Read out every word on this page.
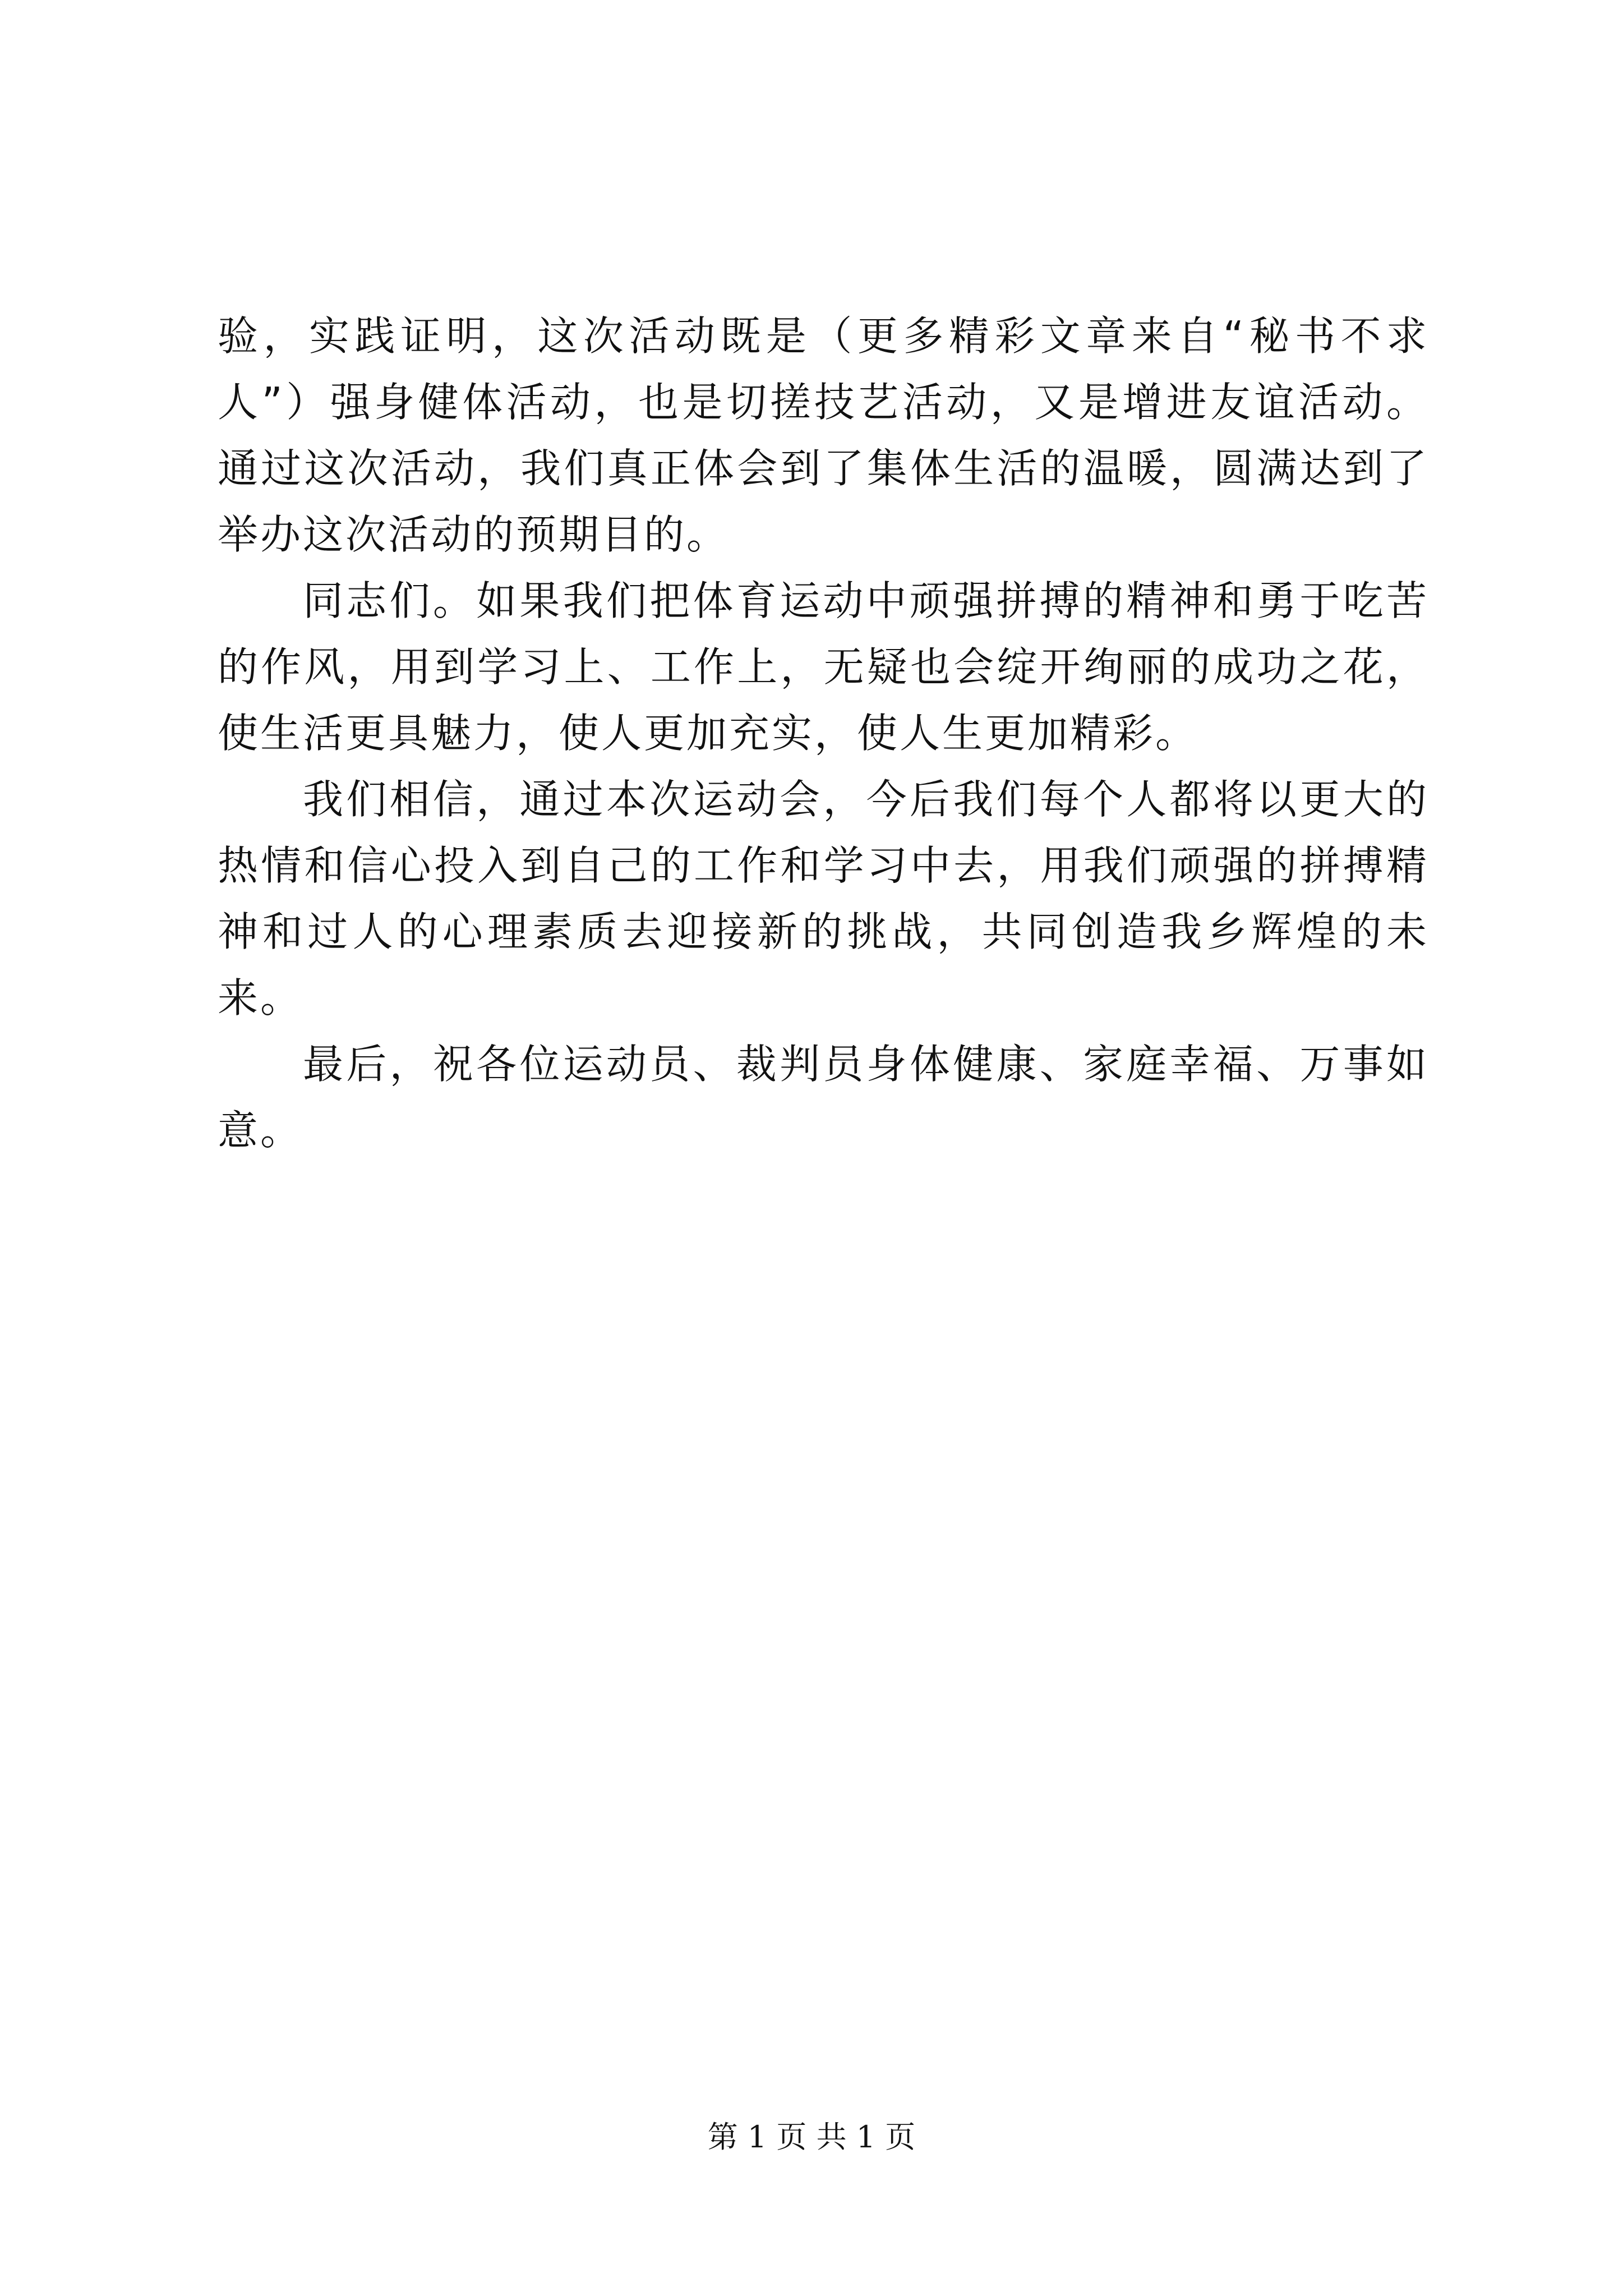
验，实践证明，这次活动既是（更多精彩文章来自“秘书不求人”）强身健体活动，也是切搓技艺活动，又是增进友谊活动。通过这次活动，我们真正体会到了集体生活的温暖，圆满达到了举办这次活动的预期目的。

同志们。如果我们把体育运动中顽强拼搏的精神和勇于吃苦的作风，用到学习上、工作上，无疑也会绽开绚丽的成功之花，使生活更具魅力，使人更加充实，使人生更加精彩。

我们相信，通过本次运动会，今后我们每个人都将以更大的热情和信心投入到自己的工作和学习中去，用我们顽强的拼搏精神和过人的心理素质去迎接新的挑战，共同创造我乡辉煌的未来。

最后，祝各位运动员、裁判员身体健康、家庭幸福、万事如意。

第 1 页 共 1 页
